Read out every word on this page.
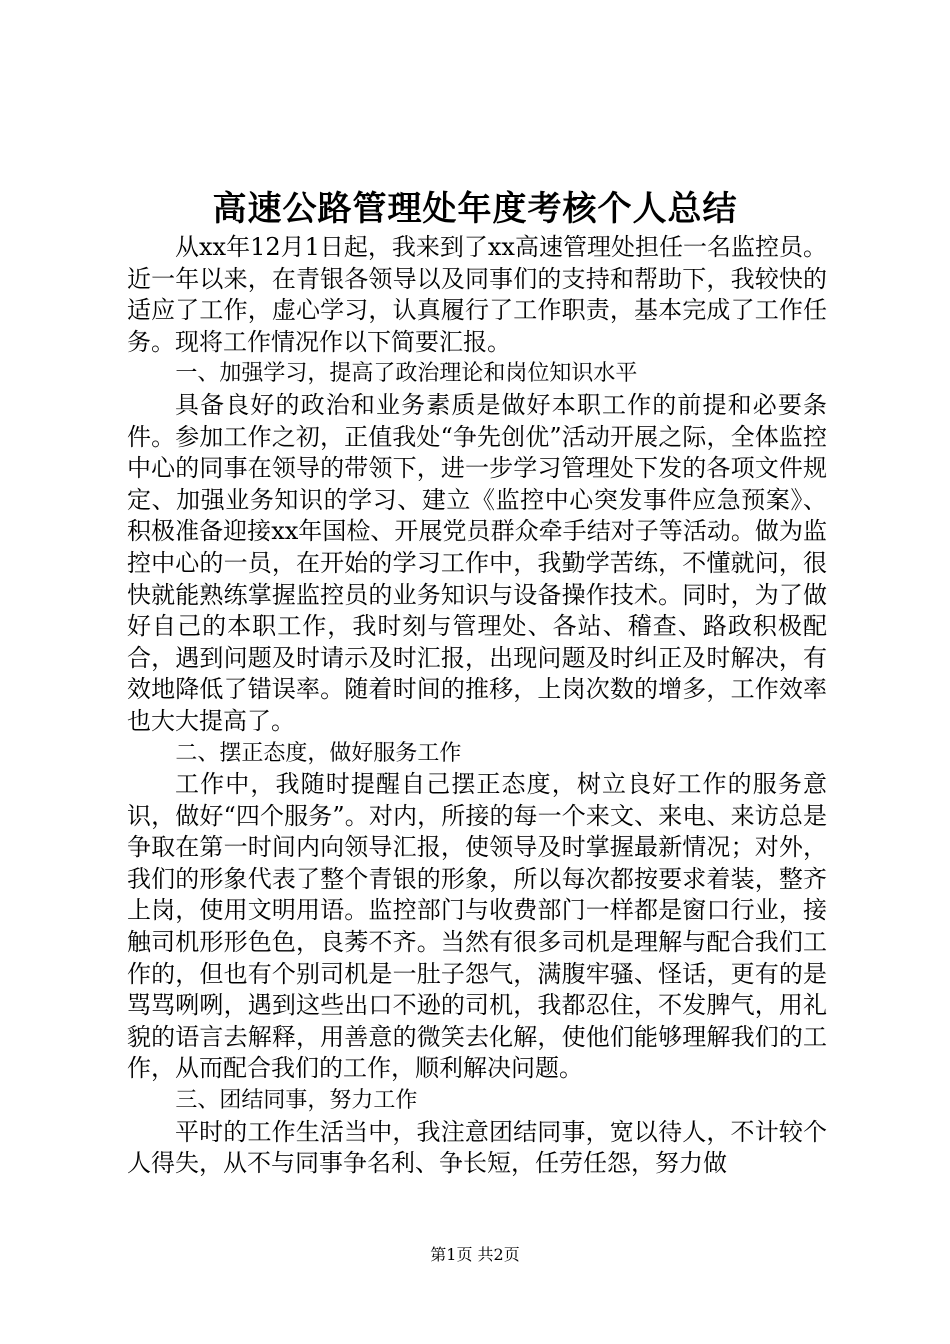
高速公路管理处年度考核个人总结

从xx年12月1日起，我来到了xx高速管理处担任一名监控员。近一年以来，在青银各领导以及同事们的支持和帮助下，我较快的适应了工作，虚心学习，认真履行了工作职责，基本完成了工作任务。现将工作情况作以下简要汇报。

一、加强学习，提高了政治理论和岗位知识水平

具备良好的政治和业务素质是做好本职工作的前提和必要条件。参加工作之初，正值我处“争先创优”活动开展之际，全体监控中心的同事在领导的带领下，进一步学习管理处下发的各项文件规定、加强业务知识的学习、建立《监控中心突发事件应急预案》、积极准备迎接xx年国检、开展党员群众牵手结对子等活动。做为监控中心的一员，在开始的学习工作中，我勤学苦练，不懂就问，很快就能熟练掌握监控员的业务知识与设备操作技术。同时，为了做好自己的本职工作，我时刻与管理处、各站、稽查、路政积极配合，遇到问题及时请示及时汇报，出现问题及时纠正及时解决，有效地降低了错误率。随着时间的推移，上岗次数的增多，工作效率也大大提高了。

二、摆正态度，做好服务工作

工作中，我随时提醒自己摆正态度，树立良好工作的服务意识，做好“四个服务”。对内，所接的每一个来文、来电、来访总是争取在第一时间内向领导汇报，使领导及时掌握最新情况；对外，我们的形象代表了整个青银的形象，所以每次都按要求着装，整齐上岗，使用文明用语。监控部门与收费部门一样都是窗口行业，接触司机形形色色，良莠不齐。当然有很多司机是理解与配合我们工作的，但也有个别司机是一肚子怨气，满腹牢骚、怪话，更有的是骂骂咧咧，遇到这些出口不逊的司机，我都忍住，不发脾气，用礼貌的语言去解释，用善意的微笑去化解，使他们能够理解我们的工作，从而配合我们的工作，顺利解决问题。

三、团结同事，努力工作

平时的工作生活当中，我注意团结同事，宽以待人，不计较个人得失，从不与同事争名利、争长短，任劳任怨，努力做

第1页 共2页
